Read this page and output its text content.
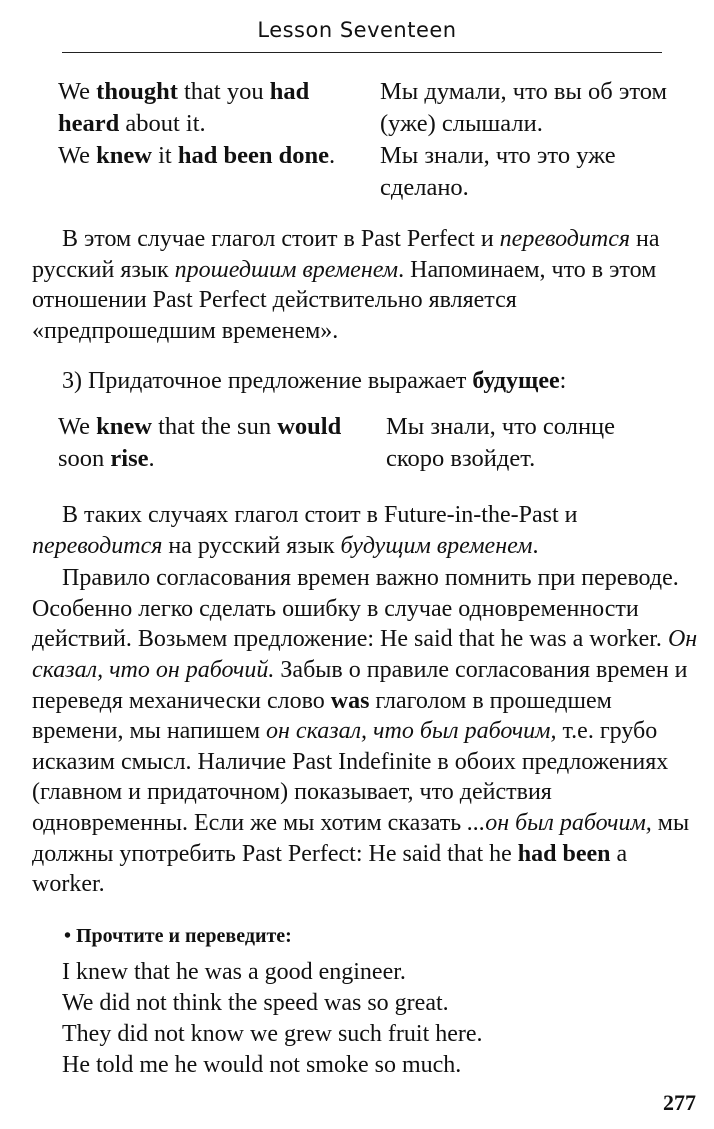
Lesson Seventeen
We thought that you had
heard about it.
We knew it had been done.
Мы думали, что вы об этом (уже) слышали.
Мы знали, что это уже сделано.

В этом случае глагол стоит в Past Perfect и переводится на русский язык прошедшим временем. Напоминаем, что в этом отношении Past Perfect действительно является «предпрошедшим временем».

3) Придаточное предложение выражает будущее:
We knew that the sun would
soon rise.
Мы знали, что солнце скоро взойдет.

В таких случаях глагол стоит в Future-in-the-Past и переводится на русский язык будущим временем.

Правило согласования времен важно помнить при переводе. Особенно легко сделать ошибку в случае одновременности действий. Возьмем предложение: He said that he was a worker. Он сказал, что он рабочий. Забыв о правиле согласования времен и переведя механически слово was глаголом в прошедшем времени, мы напишем он сказал, что был рабочим, т.е. грубо исказим смысл. Наличие Past Indefinite в обоих предложениях (главном и придаточном) показывает, что действия одновременны. Если же мы хотим сказать ...он был рабочим, мы должны употребить Past Perfect: He said that he had been a worker.

• Прочтите и переведите:
I knew that he was a good engineer.
We did not think the speed was so great.
They did not know we grew such fruit here.
He told me he would not smoke so much.
277
